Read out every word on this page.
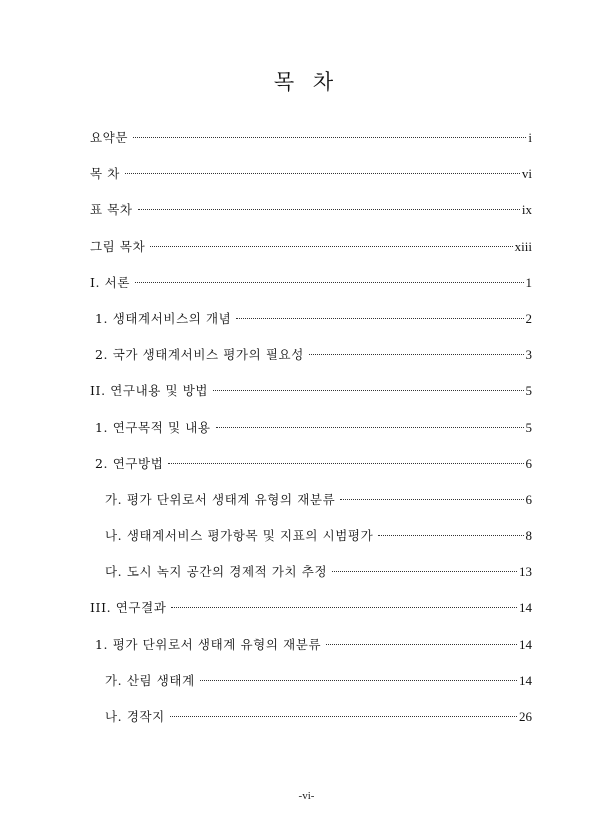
목 차
요약문	i
목 차	vi
표 목차	ix
그림 목차	xiii
I. 서론	1
1. 생태계서비스의 개념	2
2. 국가 생태계서비스 평가의 필요성	3
II. 연구내용 및 방법	5
1. 연구목적 및 내용	5
2. 연구방법	6
가. 평가 단위로서 생태계 유형의 재분류	6
나. 생태계서비스 평가항목 및 지표의 시범평가	8
다. 도시 녹지 공간의 경제적 가치 추정	13
III. 연구결과	14
1. 평가 단위로서 생태계 유형의 재분류	14
가. 산림 생태계	14
나. 경작지	26
-vi-
